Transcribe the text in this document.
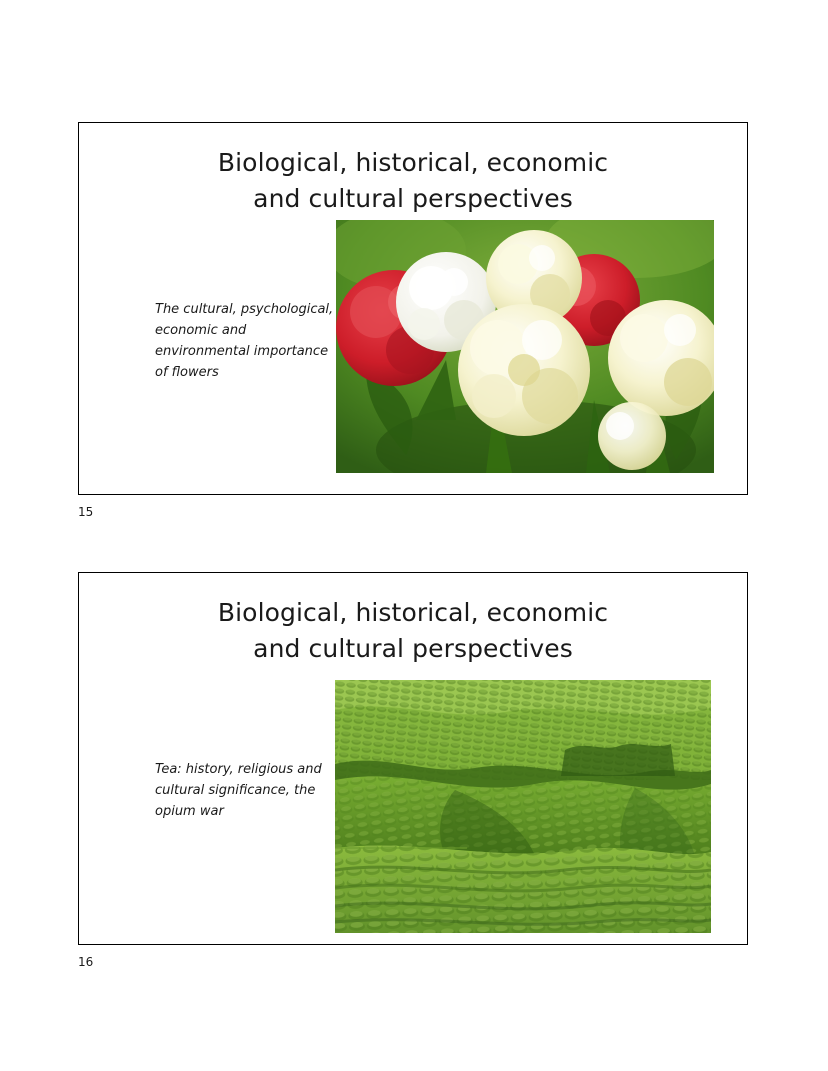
Biological, historical, economic
and cultural perspectives
The cultural, psychological, economic and environmental importance of flowers
15
Biological, historical, economic
and cultural perspectives
Tea: history, religious and cultural significance, the opium war
16
